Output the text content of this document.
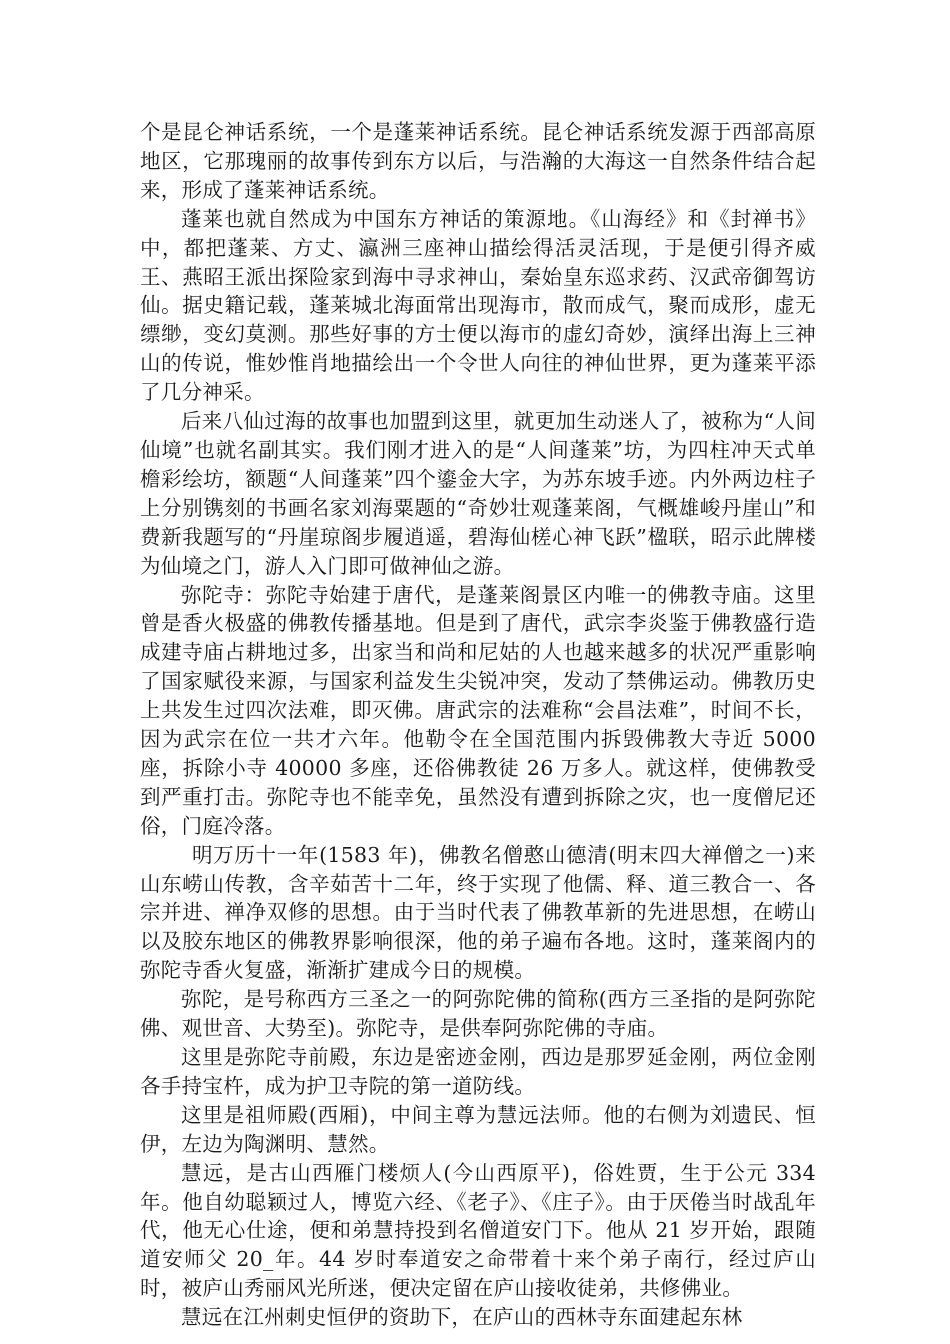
个是昆仑神话系统，一个是蓬莱神话系统。昆仑神话系统发源于西部高原地区，它那瑰丽的故事传到东方以后，与浩瀚的大海这一自然条件结合起来，形成了蓬莱神话系统。

蓬莱也就自然成为中国东方神话的策源地。《山海经》和《封禅书》中，都把蓬莱、方丈、瀛洲三座神山描绘得活灵活现，于是便引得齐威王、燕昭王派出探险家到海中寻求神山，秦始皇东巡求药、汉武帝御驾访仙。据史籍记载，蓬莱城北海面常出现海市，散而成气，聚而成形，虚无缥缈，变幻莫测。那些好事的方士便以海市的虚幻奇妙，演绎出海上三神山的传说，惟妙惟肖地描绘出一个令世人向往的神仙世界，更为蓬莱平添了几分神采。

后来八仙过海的故事也加盟到这里，就更加生动迷人了，被称为“人间仙境”也就名副其实。我们刚才进入的是“人间蓬莱”坊，为四柱冲天式单檐彩绘坊，额题“人间蓬莱”四个鎏金大字，为苏东坡手迹。内外两边柱子上分别镌刻的书画名家刘海粟题的“奇妙壮观蓬莱阁，气概雄峻丹崖山”和费新我题写的“丹崖琼阁步履逍遥，碧海仙槎心神飞跃”楹联，昭示此牌楼为仙境之门，游人入门即可做神仙之游。

弥陀寺：弥陀寺始建于唐代，是蓬莱阁景区内唯一的佛教寺庙。这里曾是香火极盛的佛教传播基地。但是到了唐代，武宗李炎鉴于佛教盛行造成建寺庙占耕地过多，出家当和尚和尼姑的人也越来越多的状况严重影响了国家赋役来源，与国家利益发生尖锐冲突，发动了禁佛运动。佛教历史上共发生过四次法难，即灭佛。唐武宗的法难称“会昌法难”，时间不长，因为武宗在位一共才六年。他勒令在全国范围内拆毁佛教大寺近 5000 座，拆除小寺 40000 多座，还俗佛教徒 26 万多人。就这样，使佛教受到严重打击。弥陀寺也不能幸免，虽然没有遭到拆除之灾，也一度僧尼还俗，门庭冷落。

明万历十一年(1583 年)，佛教名僧憨山德清(明末四大禅僧之一)来山东崂山传教，含辛茹苦十二年，终于实现了他儒、释、道三教合一、各宗并进、禅净双修的思想。由于当时代表了佛教革新的先进思想，在崂山以及胶东地区的佛教界影响很深，他的弟子遍布各地。这时，蓬莱阁内的弥陀寺香火复盛，渐渐扩建成今日的规模。

弥陀，是号称西方三圣之一的阿弥陀佛的简称(西方三圣指的是阿弥陀佛、观世音、大势至)。弥陀寺，是供奉阿弥陀佛的寺庙。

这里是弥陀寺前殿，东边是密迹金刚，西边是那罗延金刚，两位金刚各手持宝杵，成为护卫寺院的第一道防线。

这里是祖师殿(西厢)，中间主尊为慧远法师。他的右侧为刘遗民、恒伊，左边为陶渊明、慧然。

慧远，是古山西雁门楼烦人(今山西原平)，俗姓贾，生于公元 334 年。他自幼聪颖过人，博览六经、《老子》、《庄子》。由于厌倦当时战乱年代，他无心仕途，便和弟慧持投到名僧道安门下。他从 21 岁开始，跟随道安师父 20_年。44 岁时奉道安之命带着十来个弟子南行，经过庐山时，被庐山秀丽风光所迷，便决定留在庐山接收徒弟，共修佛业。

慧远在江州刺史恒伊的资助下，在庐山的西林寺东面建起东林
